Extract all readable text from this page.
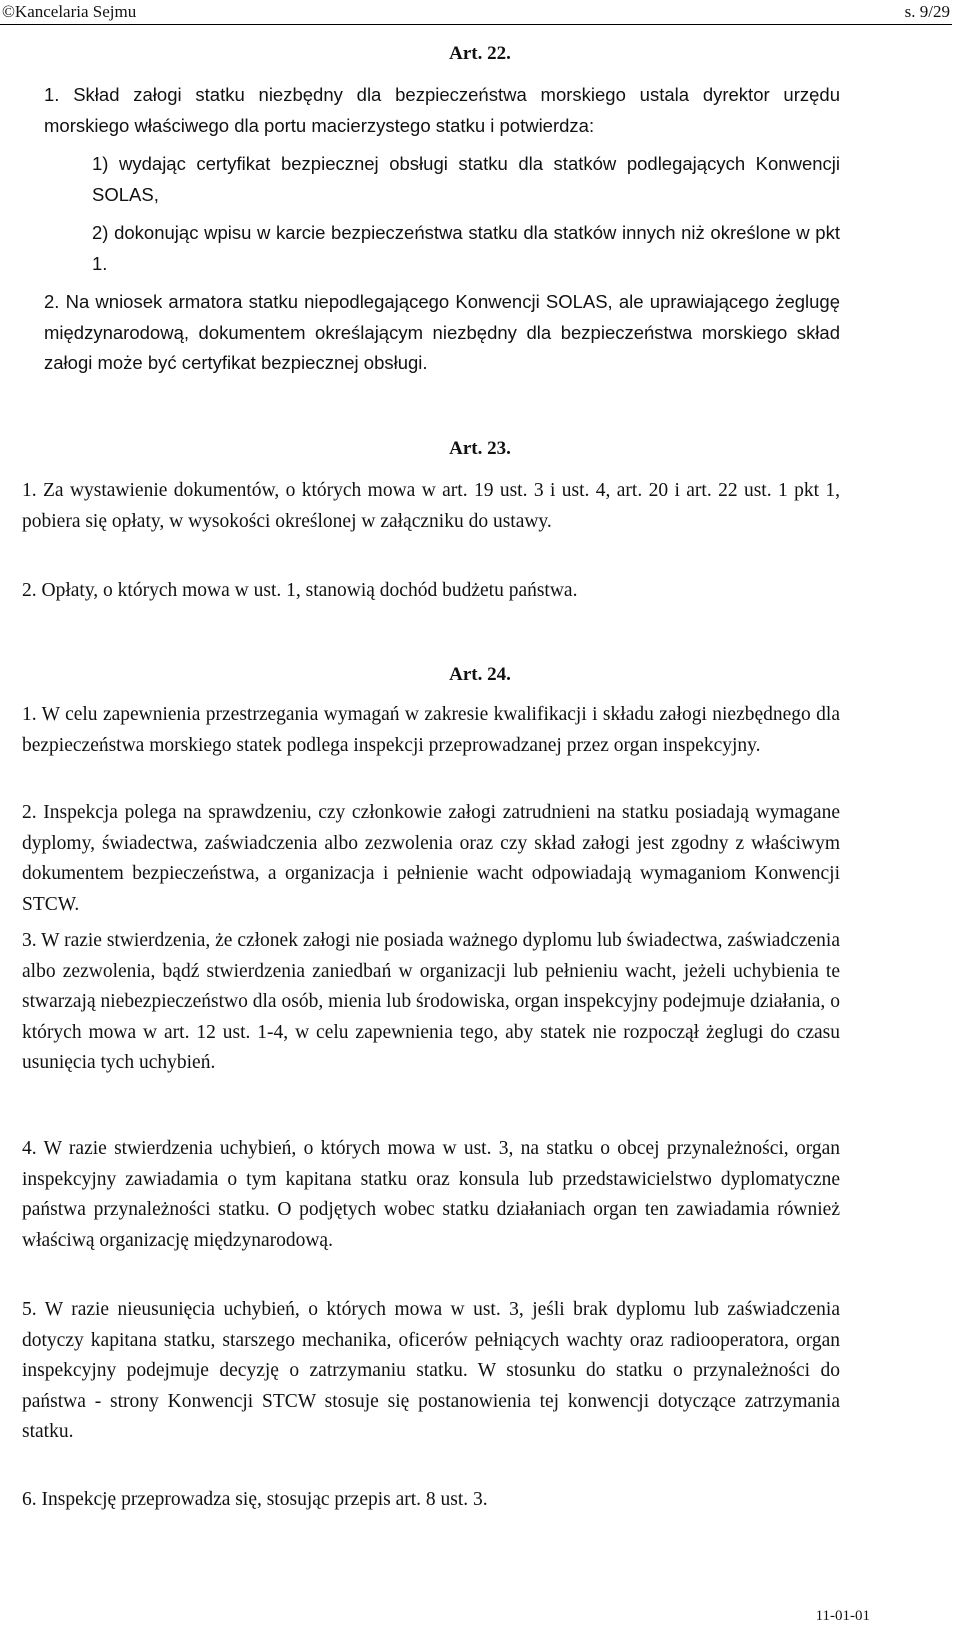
©Kancelaria Sejmu	s. 9/29
Art. 22.
1. Skład załogi statku niezbędny dla bezpieczeństwa morskiego ustala dyrektor urzędu morskiego właściwego dla portu macierzystego statku i potwierdza:
1) wydając certyfikat bezpiecznej obsługi statku dla statków podlegających Konwencji SOLAS,
2) dokonując wpisu w karcie bezpieczeństwa statku dla statków innych niż określone w pkt 1.
2. Na wniosek armatora statku niepodlegającego Konwencji SOLAS, ale uprawiającego żeglugę międzynarodową, dokumentem określającym niezbędny dla bezpieczeństwa morskiego skład załogi może być certyfikat bezpiecznej obsługi.
Art. 23.
1. Za wystawienie dokumentów, o których mowa w art. 19 ust. 3 i ust. 4, art. 20 i art. 22 ust. 1 pkt 1, pobiera się opłaty, w wysokości określonej w załączniku do ustawy.
2. Opłaty, o których mowa w ust. 1, stanowią dochód budżetu państwa.
Art. 24.
1. W celu zapewnienia przestrzegania wymagań w zakresie kwalifikacji i składu załogi niezbędnego dla bezpieczeństwa morskiego statek podlega inspekcji przeprowadzanej przez organ inspekcyjny.
2. Inspekcja polega na sprawdzeniu, czy członkowie załogi zatrudnieni na statku posiadają wymagane dyplomy, świadectwa, zaświadczenia albo zezwolenia oraz czy skład załogi jest zgodny z właściwym dokumentem bezpieczeństwa, a organizacja i pełnienie wacht odpowiadają wymaganiom Konwencji STCW.
3. W razie stwierdzenia, że członek załogi nie posiada ważnego dyplomu lub świadectwa, zaświadczenia albo zezwolenia, bądź stwierdzenia zaniedbań w organizacji lub pełnieniu wacht, jeżeli uchybienia te stwarzają niebezpieczeństwo dla osób, mienia lub środowiska, organ inspekcyjny podejmuje działania, o których mowa w art. 12 ust. 1-4, w celu zapewnienia tego, aby statek nie rozpoczął żeglugi do czasu usunięcia tych uchybień.
4. W razie stwierdzenia uchybień, o których mowa w ust. 3, na statku o obcej przynależności, organ inspekcyjny zawiadamia o tym kapitana statku oraz konsula lub przedstawicielstwo dyplomatyczne państwa przynależności statku. O podjętych wobec statku działaniach organ ten zawiadamia również właściwą organizację międzynarodową.
5. W razie nieusunięcia uchybień, o których mowa w ust. 3, jeśli brak dyplomu lub zaświadczenia dotyczy kapitana statku, starszego mechanika, oficerów pełniących wachty oraz radiooperatora, organ inspekcyjny podejmuje decyzję o zatrzymaniu statku. W stosunku do statku o przynależności do państwa - strony Konwencji STCW stosuje się postanowienia tej konwencji dotyczące zatrzymania statku.
6. Inspekcję przeprowadza się, stosując przepis art. 8 ust. 3.
11-01-01
